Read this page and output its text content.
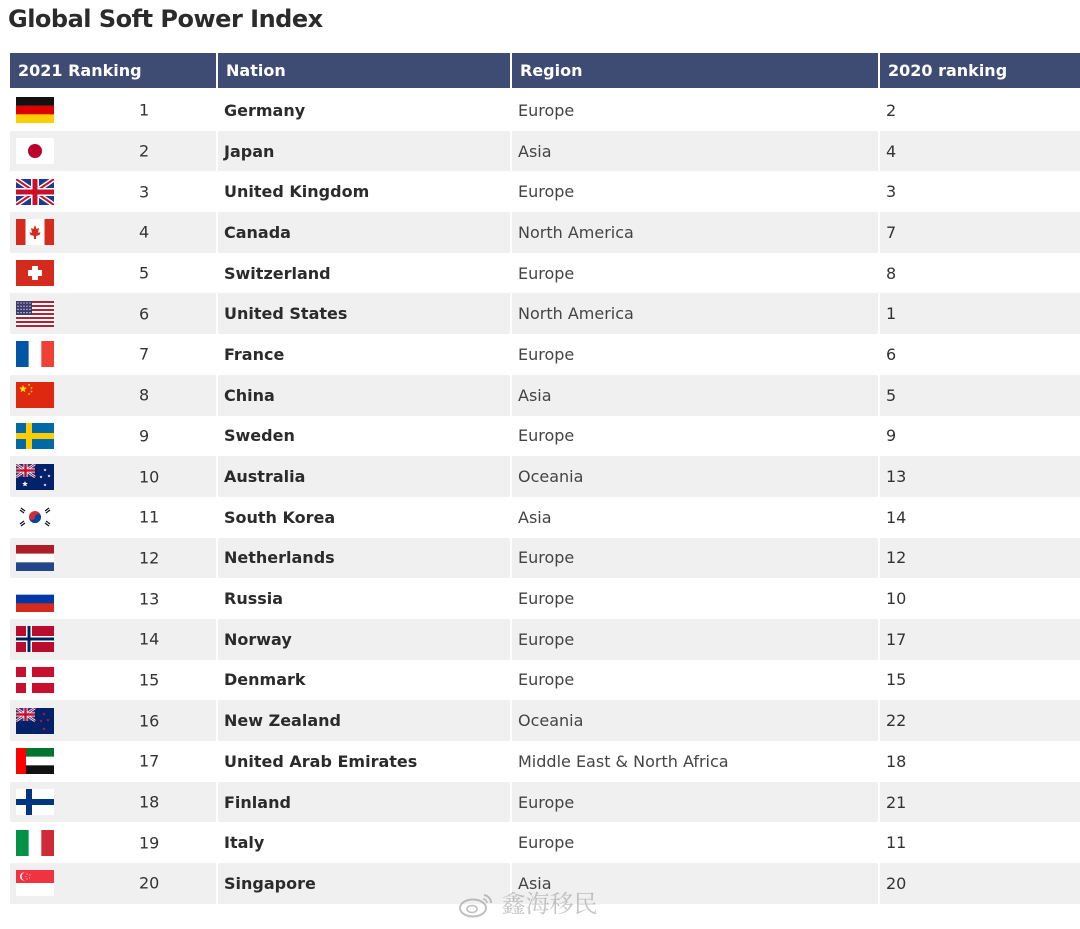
Global Soft Power Index
2021 Ranking	Nation	Region	2020 ranking

1	Germany	Europe	2

2	Japan	Asia	4

3	United Kingdom	Europe	3

4	Canada	North America	7

5	Switzerland	Europe	8

6	United States	North America	1

7	France	Europe	6

8	China	Asia	5

9	Sweden	Europe	9

10	Australia	Oceania	13

11	South Korea	Asia	14

12	Netherlands	Europe	12

13	Russia	Europe	10

14	Norway	Europe	17

15	Denmark	Europe	15

16	New Zealand	Oceania	22

17	United Arab Emirates	Middle East & North Africa	18

18	Finland	Europe	21

19	Italy	Europe	11

20	Singapore	Asia	20
鑫海移民
